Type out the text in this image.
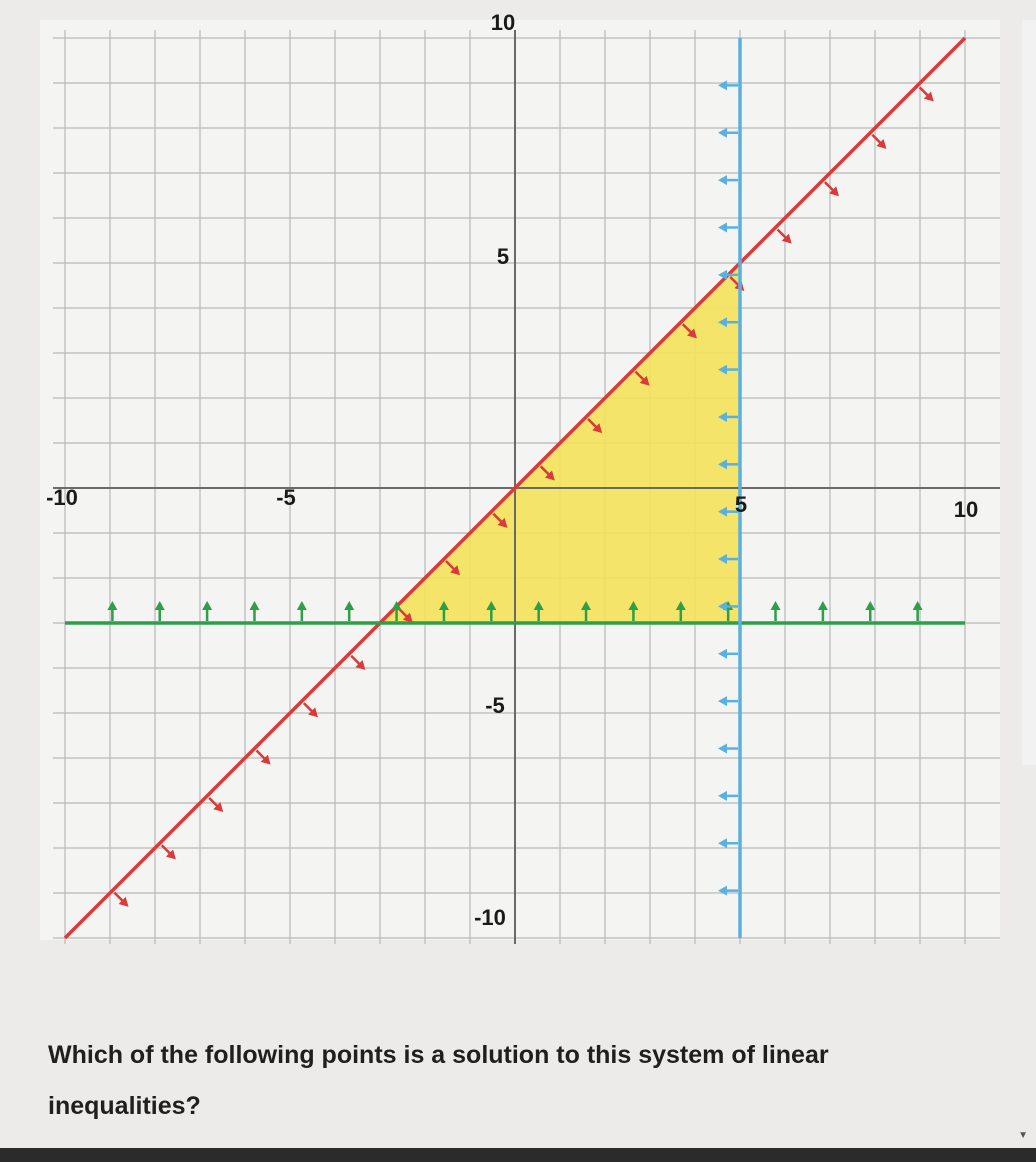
10
5
-5
-10
-10	-5	5	10
Which of the following points is a solution to this system of linear inequalities?
▼
